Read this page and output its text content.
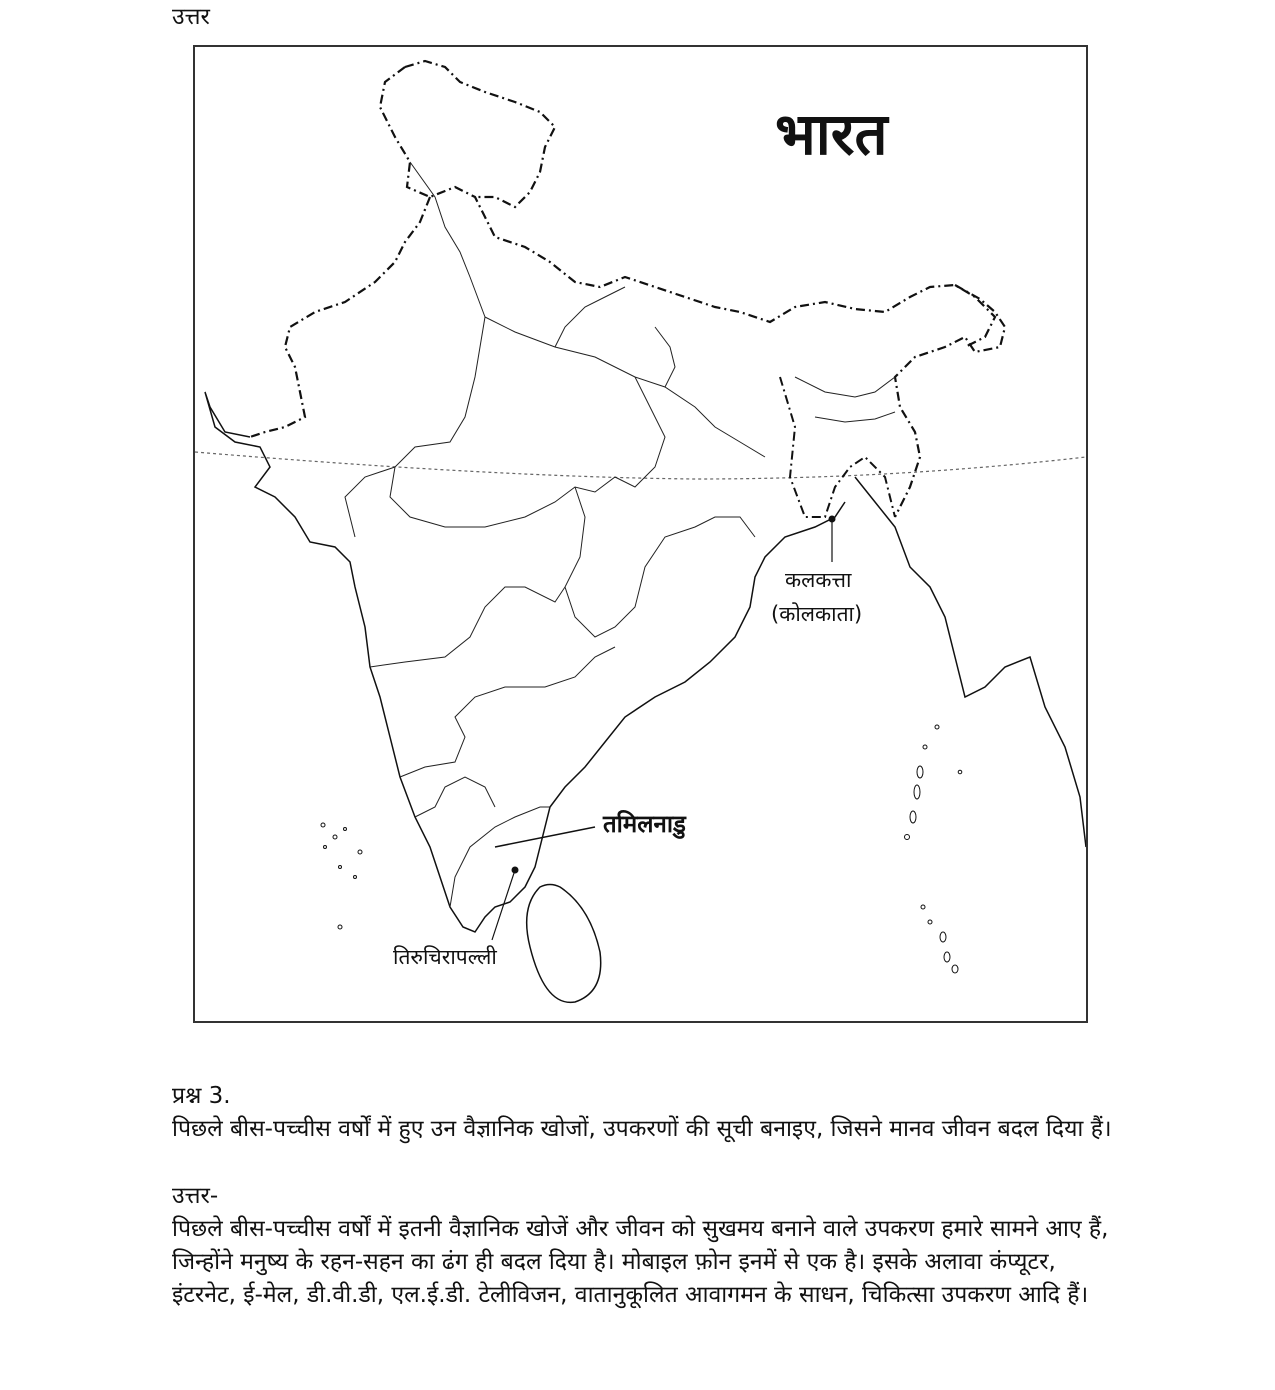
उत्तर
भारत
कलकत्ता
(कोलकाता)
तमिलनाडु
तिरुचिरापल्ली
प्रश्न 3.
पिछले बीस-पच्चीस वर्षों में हुए उन वैज्ञानिक खोजों, उपकरणों की सूची बनाइए, जिसने मानव जीवन बदल दिया हैं।
उत्तर-
पिछले बीस-पच्चीस वर्षों में इतनी वैज्ञानिक खोजें और जीवन को सुखमय बनाने वाले उपकरण हमारे सामने आए हैं, जिन्होंने मनुष्य के रहन-सहन का ढंग ही बदल दिया है। मोबाइल फ़ोन इनमें से एक है। इसके अलावा कंप्यूटर, इंटरनेट, ई-मेल, डी.वी.डी, एल.ई.डी. टेलीविजन, वातानुकूलित आवागमन के साधन, चिकित्सा उपकरण आदि हैं।
